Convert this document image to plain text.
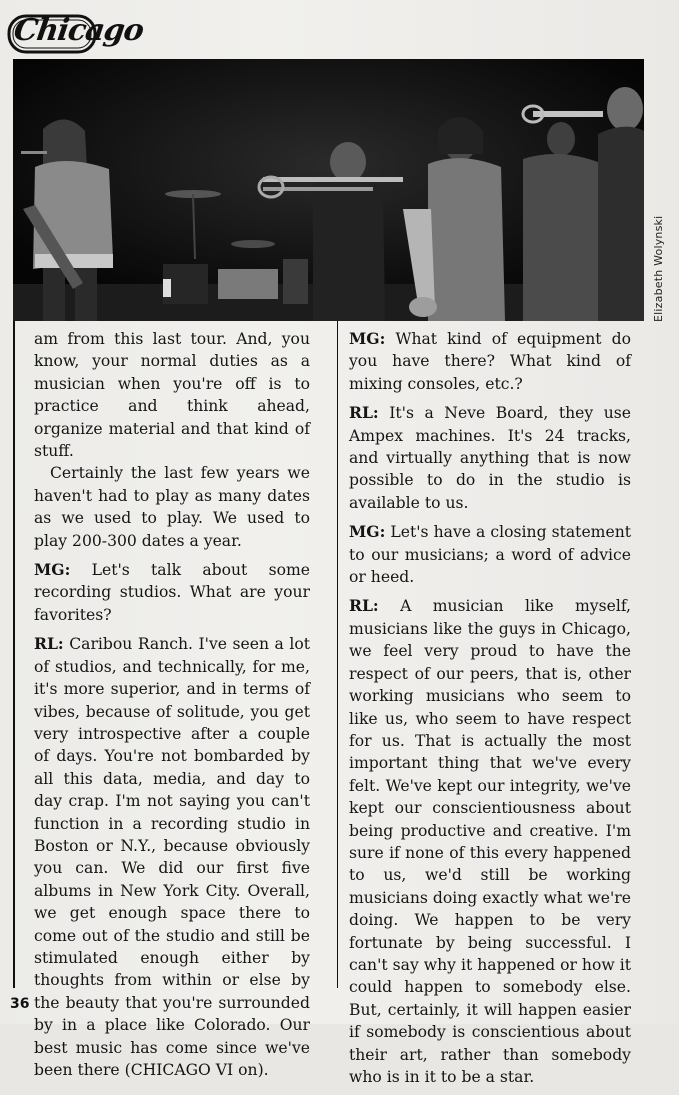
Chicago
Elizabeth Wolynski

am from this last tour. And, you know, your normal duties as a musician when you're off is to practice and think ahead, organize material and that kind of stuff.

Certainly the last few years we haven't had to play as many dates as we used to play. We used to play 200-300 dates a year.

MG: Let's talk about some recording studios. What are your favorites?

RL: Caribou Ranch. I've seen a lot of studios, and technically, for me, it's more superior, and in terms of vibes, because of solitude, you get very introspective after a couple of days. You're not bombarded by all this data, media, and day to day crap. I'm not saying you can't function in a recording studio in Boston or N.Y., because obviously you can. We did our first five albums in New York City. Overall, we get enough space there to come out of the studio and still be stimulated enough either by thoughts from within or else by the beauty that you're surrounded by in a place like Colorado. Our best music has come since we've been there (CHICAGO VI on).

MG: What kind of equipment do you have there? What kind of mixing consoles, etc.?

RL: It's a Neve Board, they use Ampex machines. It's 24 tracks, and virtually anything that is now possible to do in the studio is available to us.

MG: Let's have a closing statement to our musicians; a word of advice or heed.

RL: A musician like myself, musicians like the guys in Chicago, we feel very proud to have the respect of our peers, that is, other working musicians who seem to like us, who seem to have respect for us. That is actually the most important thing that we've every felt. We've kept our integrity, we've kept our conscientiousness about being productive and creative. I'm sure if none of this every happened to us, we'd still be working musicians doing exactly what we're doing. We happen to be very fortunate by being successful. I can't say why it happened or how it could happen to somebody else. But, certainly, it will happen easier if somebody is conscientious about their art, rather than somebody who is in it to be a star.

36
